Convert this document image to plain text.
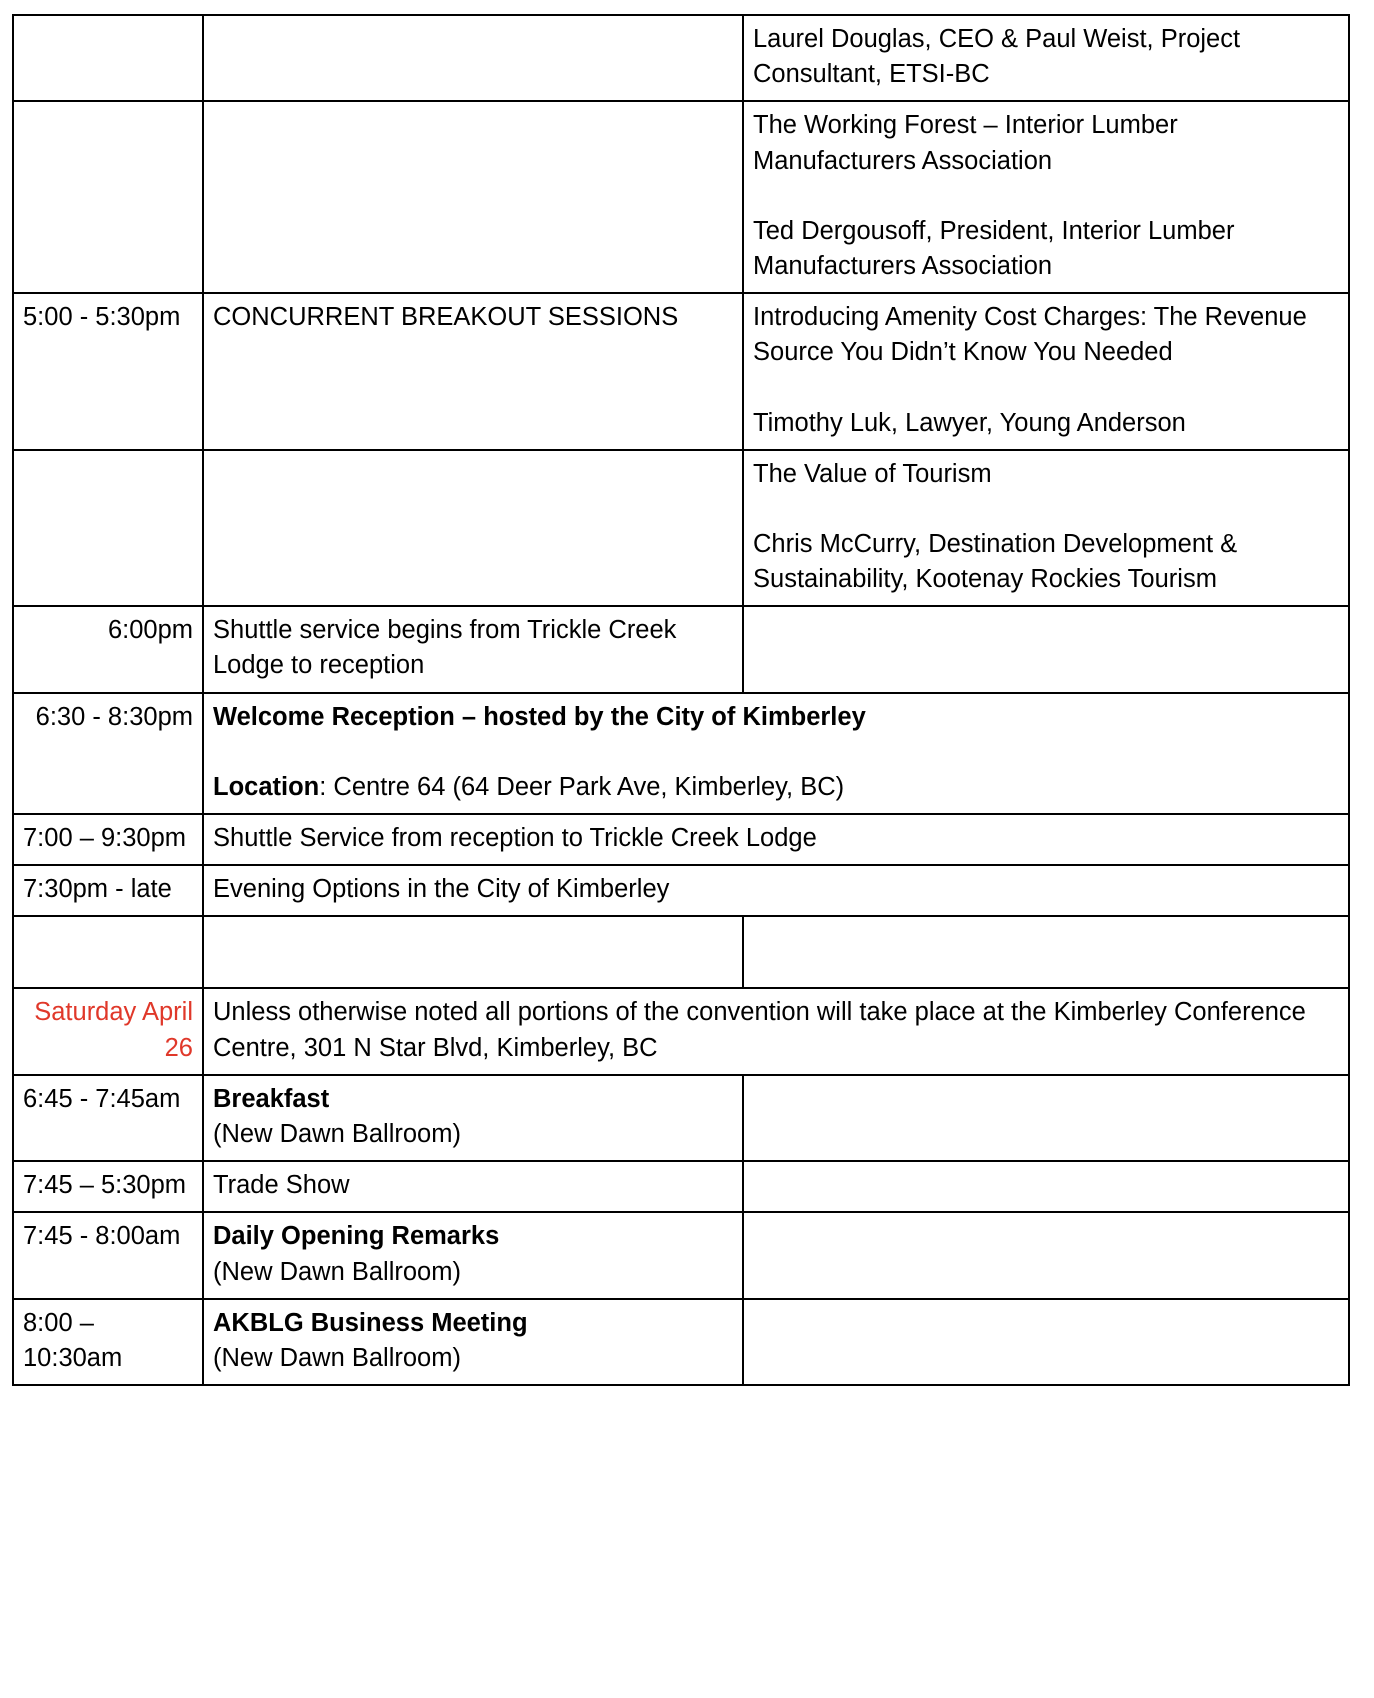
		Laurel Douglas, CEO & Paul Weist, Project Consultant, ETSI-BC

		The Working Forest – Interior Lumber Manufacturers Association
Ted Dergousoff, President, Interior Lumber Manufacturers Association

5:00 - 5:30pm	CONCURRENT BREAKOUT SESSIONS	Introducing Amenity Cost Charges: The Revenue Source You Didn’t Know You Needed
Timothy Luk, Lawyer, Young Anderson

		The Value of Tourism
Chris McCurry, Destination Development & Sustainability, Kootenay Rockies Tourism

6:00pm	Shuttle service begins from Trickle Creek Lodge to reception	
6:30 - 8:30pm	Welcome Reception – hosted by the City of Kimberley
Location: Centre 64 (64 Deer Park Ave, Kimberley, BC)	

7:00 – 9:30pm	Shuttle Service from reception to Trickle Creek Lodge	
7:30pm - late	Evening Options in the City of Kimberley	

Saturday April 26	Unless otherwise noted all portions of the convention will take place at the Kimberley Conference Centre, 301 N Star Blvd, Kimberley, BC	
6:45 - 7:45am	Breakfast
(New Dawn Ballroom)	

7:45 – 5:30pm	Trade Show	

7:45 - 8:00am	Daily Opening Remarks
(New Dawn Ballroom)	

8:00 – 10:30am	AKBLG Business Meeting
(New Dawn Ballroom)	
